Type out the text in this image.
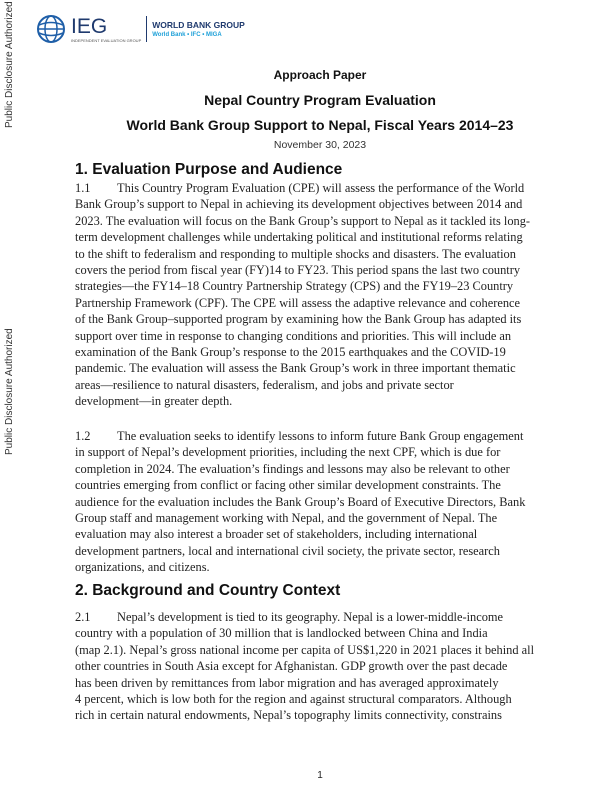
Public Disclosure Authorized
Public Disclosure Authorized
IEG
INDEPENDENT EVALUATION GROUP
WORLD BANK GROUP
World Bank • IFC • MIGA
Approach Paper
Nepal Country Program Evaluation
World Bank Group Support to Nepal, Fiscal Years 2014–23
November 30, 2023
1. Evaluation Purpose and Audience
1.1 This Country Program Evaluation (CPE) will assess the performance of the World
Bank Group’s support to Nepal in achieving its development objectives between 2014 and
2023. The evaluation will focus on the Bank Group’s support to Nepal as it tackled its long-
term development challenges while undertaking political and institutional reforms relating
to the shift to federalism and responding to multiple shocks and disasters. The evaluation
covers the period from fiscal year (FY)14 to FY23. This period spans the last two country
strategies—the FY14–18 Country Partnership Strategy (CPS) and the FY19–23 Country
Partnership Framework (CPF). The CPE will assess the adaptive relevance and coherence
of the Bank Group–supported program by examining how the Bank Group has adapted its
support over time in response to changing conditions and priorities. This will include an
examination of the Bank Group’s response to the 2015 earthquakes and the COVID-19
pandemic. The evaluation will assess the Bank Group’s work in three important thematic
areas—resilience to natural disasters, federalism, and jobs and private sector
development—in greater depth.
1.2 The evaluation seeks to identify lessons to inform future Bank Group engagement
in support of Nepal’s development priorities, including the next CPF, which is due for
completion in 2024. The evaluation’s findings and lessons may also be relevant to other
countries emerging from conflict or facing other similar development constraints. The
audience for the evaluation includes the Bank Group’s Board of Executive Directors, Bank
Group staff and management working with Nepal, and the government of Nepal. The
evaluation may also interest a broader set of stakeholders, including international
development partners, local and international civil society, the private sector, research
organizations, and citizens.
2. Background and Country Context
2.1 Nepal’s development is tied to its geography. Nepal is a lower-middle-income
country with a population of 30 million that is landlocked between China and India
(map 2.1). Nepal’s gross national income per capita of US$1,220 in 2021 places it behind all
other countries in South Asia except for Afghanistan. GDP growth over the past decade
has been driven by remittances from labor migration and has averaged approximately
4 percent, which is low both for the region and against structural comparators. Although
rich in certain natural endowments, Nepal’s topography limits connectivity, constrains
1
